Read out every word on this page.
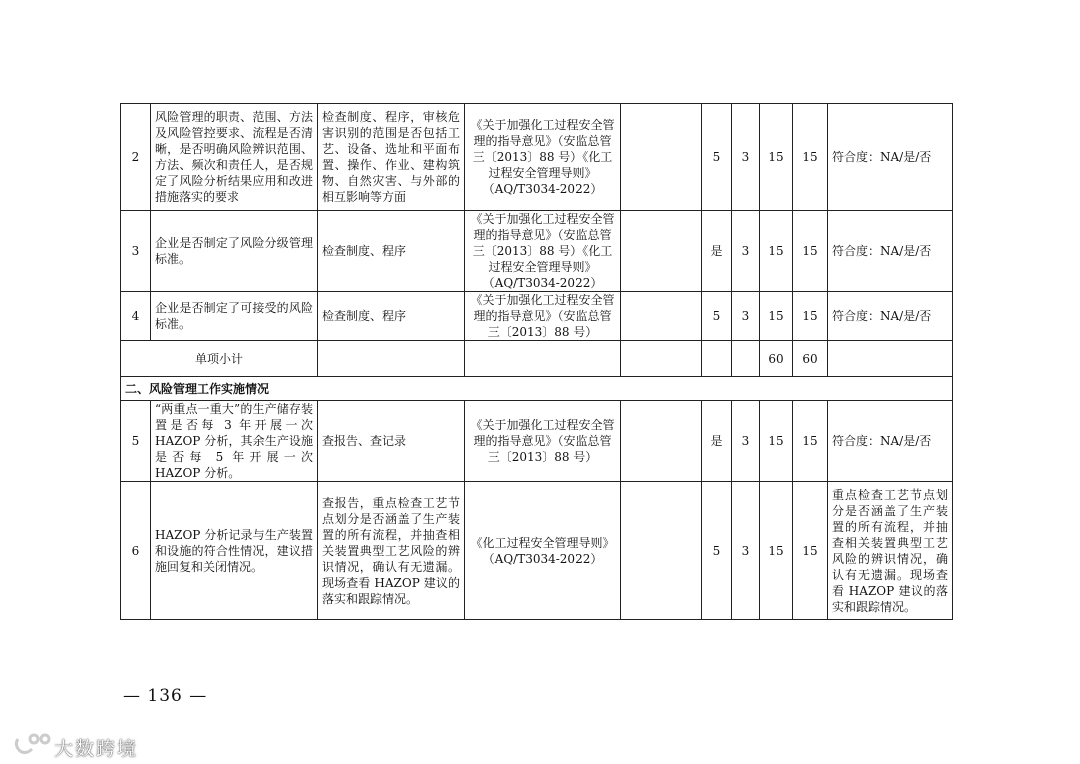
2	风险管理的职责、范围、方法及风险管控要求、流程是否清晰，是否明确风险辨识范围、方法、频次和责任人，是否规定了风险分析结果应用和改进措施落实的要求	检查制度、程序，审核危害识别的范围是否包括工艺、设备、选址和平面布置、操作、作业、建构筑物、自然灾害、与外部的相互影响等方面	《关于加强化工过程安全管理的指导意见》（安监总管三〔2013〕88 号）《化工过程安全管理导则》（AQ/T3034-2022）		5	3	15	15	符合度：NA/是/否
3	企业是否制定了风险分级管理标准。	检查制度、程序	《关于加强化工过程安全管理的指导意见》（安监总管三〔2013〕88 号）《化工过程安全管理导则》（AQ/T3034-2022）		是	3	15	15	符合度：NA/是/否
4	企业是否制定了可接受的风险标准。	检查制度、程序	《关于加强化工过程安全管理的指导意见》（安监总管三〔2013〕88 号）		5	3	15	15	符合度：NA/是/否
单项小计							60	60	
二、风险管理工作实施情况									
5	“两重点一重大”的生产储存装置是否每 3 年开展一次 HAZOP 分析，其余生产设施是否每 5 年开展一次 HAZOP 分析。	查报告、查记录	《关于加强化工过程安全管理的指导意见》（安监总管三〔2013〕88 号）		是	3	15	15	符合度：NA/是/否
6	HAZOP 分析记录与生产装置和设施的符合性情况，建议措施回复和关闭情况。	查报告，重点检查工艺节点划分是否涵盖了生产装置的所有流程，并抽查相关装置典型工艺风险的辨识情况，确认有无遗漏。现场查看 HAZOP 建议的落实和跟踪情况。	《化工过程安全管理导则》（AQ/T3034-2022）		5	3	15	15	重点检查工艺节点划分是否涵盖了生产装置的所有流程，并抽查相关装置典型工艺风险的辨识情况，确认有无遗漏。现场查看 HAZOP 建议的落实和跟踪情况。
— 136 —
大数跨境
